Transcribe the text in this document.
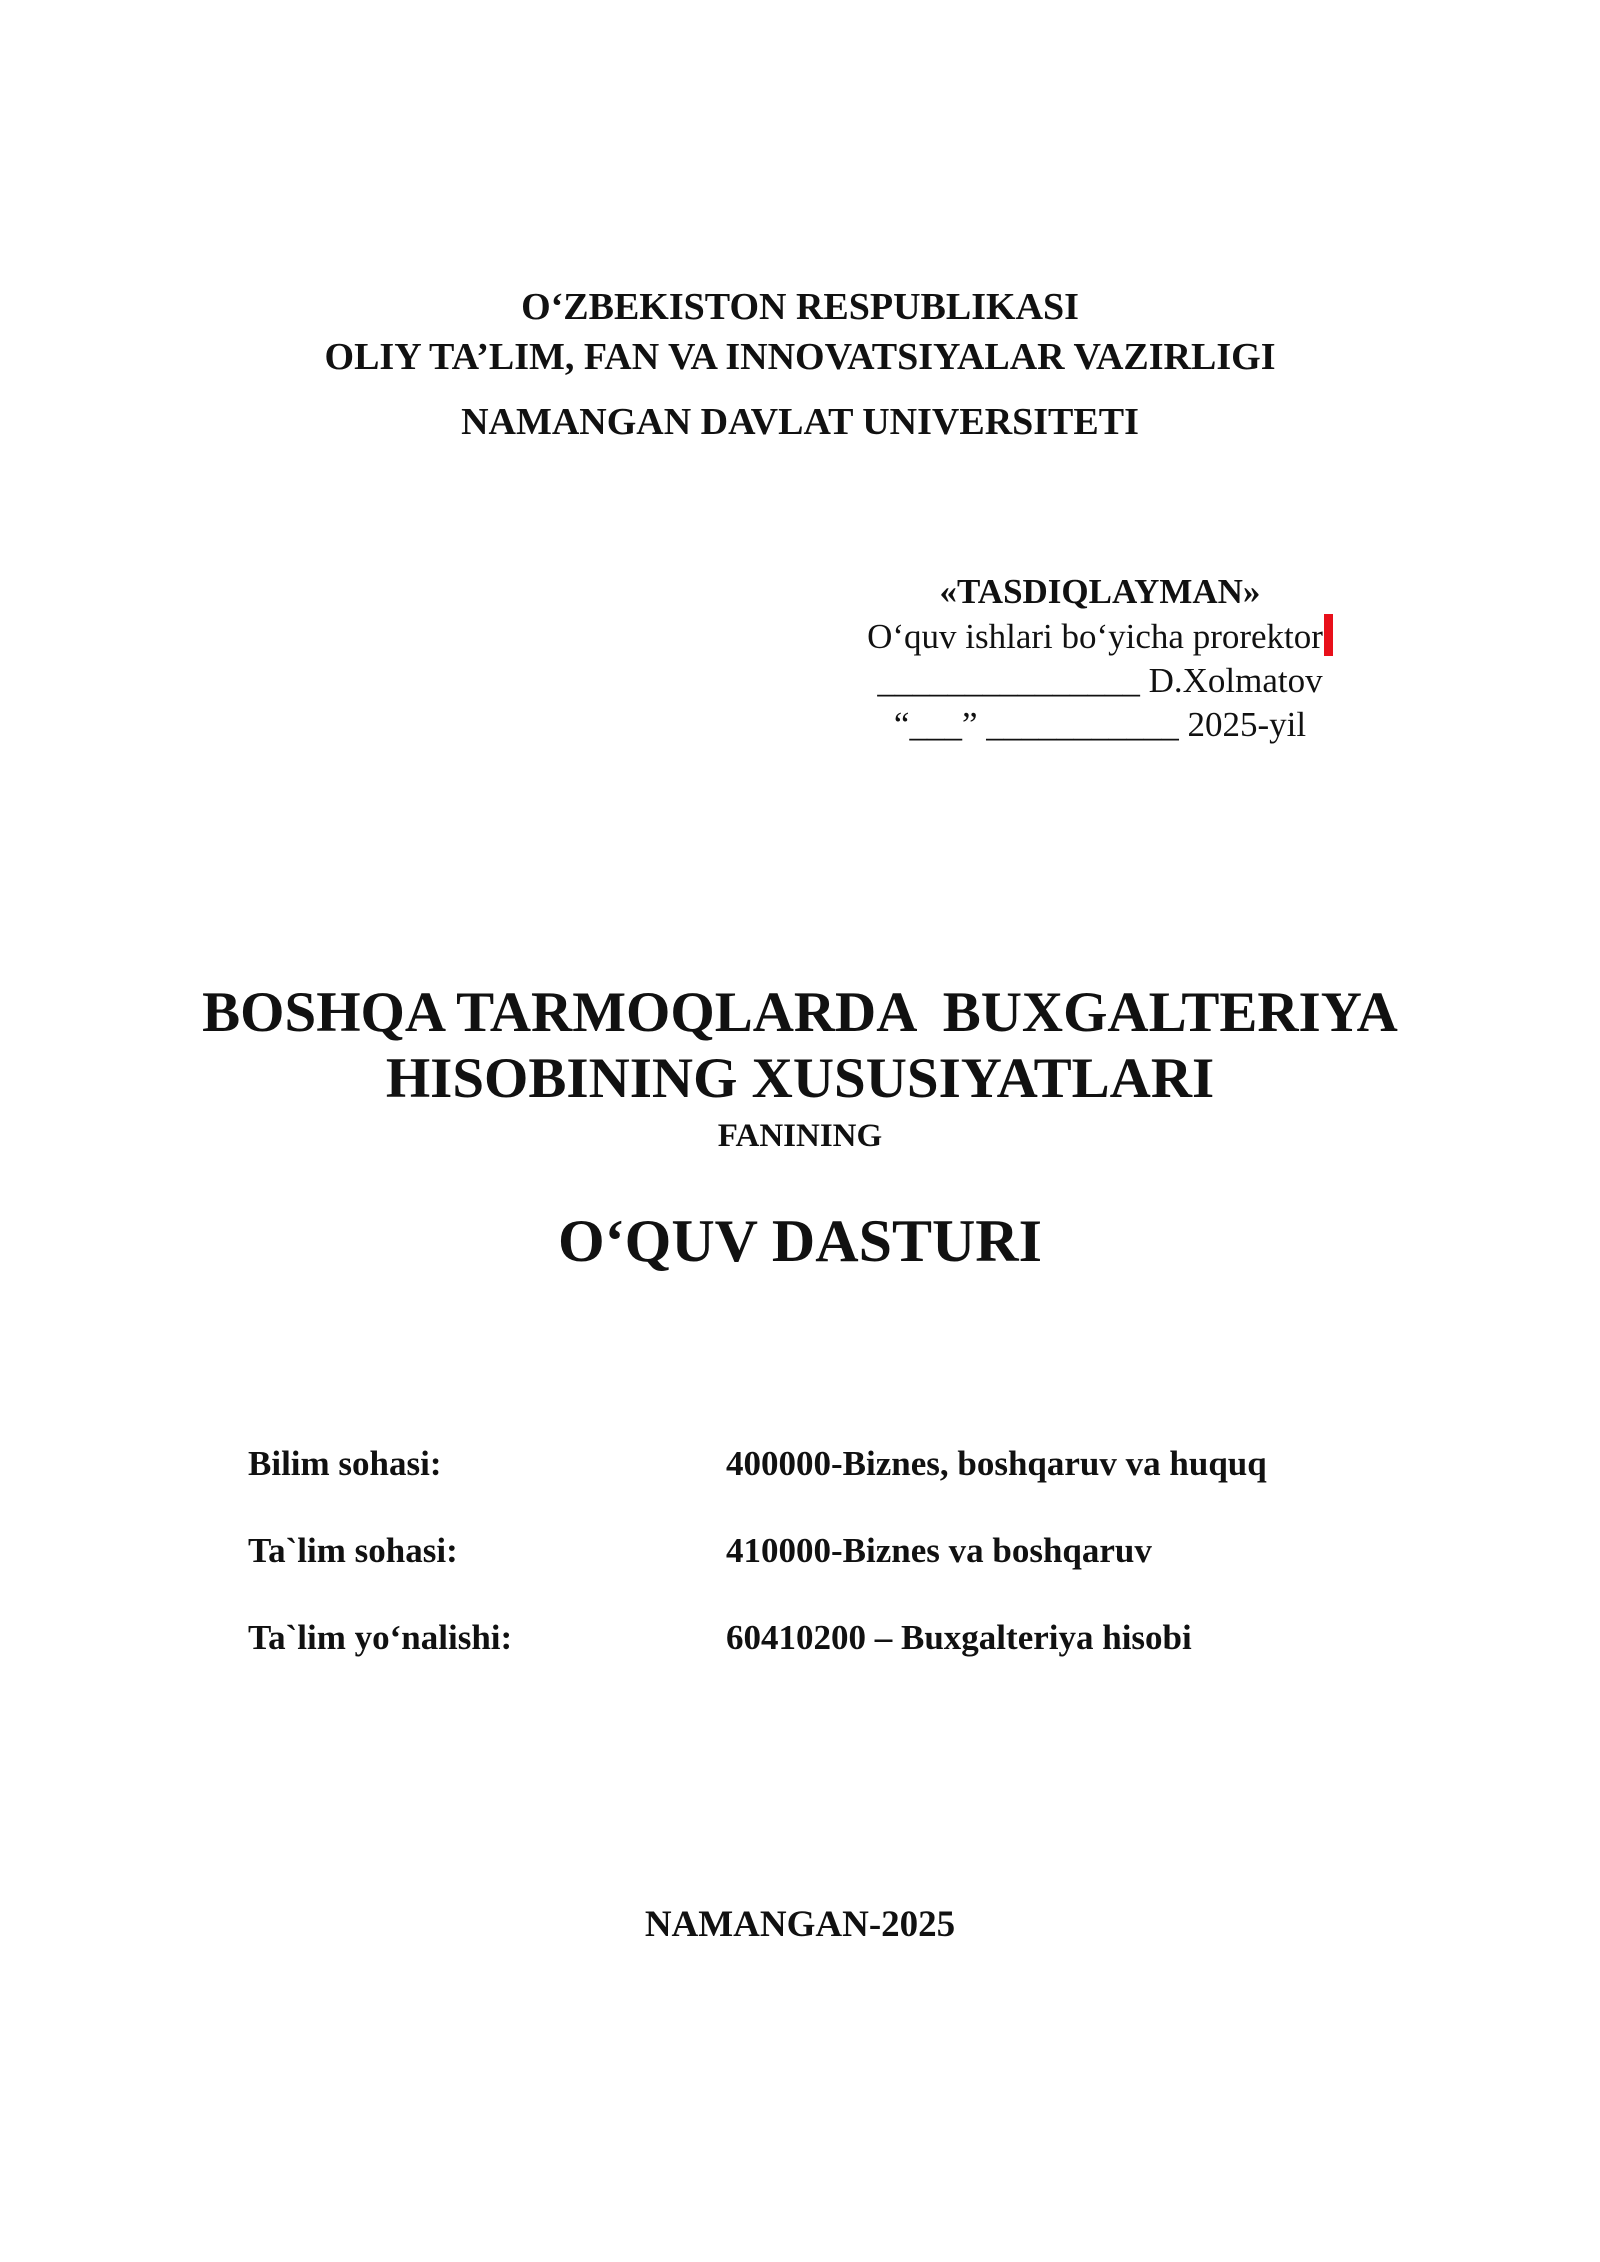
O‘ZBEKISTON RESPUBLIKASI
OLIY TA’LIM, FAN VA INNOVATSIYALAR VAZIRLIGI
NAMANGAN DAVLAT UNIVERSITETI
«TASDIQLAYMAN»
O‘quv ishlari bo‘yicha prorektor
_______________ D.Xolmatov
“___” ___________ 2025-yil
BOSHQA TARMOQLARDA  BUXGALTERIYA
HISOBINING XUSUSIYATLARI
FANINING
O‘QUV DASTURI
Bilim sohasi:	400000-Biznes, boshqaruv va huquq
Ta`lim sohasi:	410000-Biznes va boshqaruv
Ta`lim yo‘nalishi:	60410200 – Buxgalteriya hisobi
NAMANGAN-2025
